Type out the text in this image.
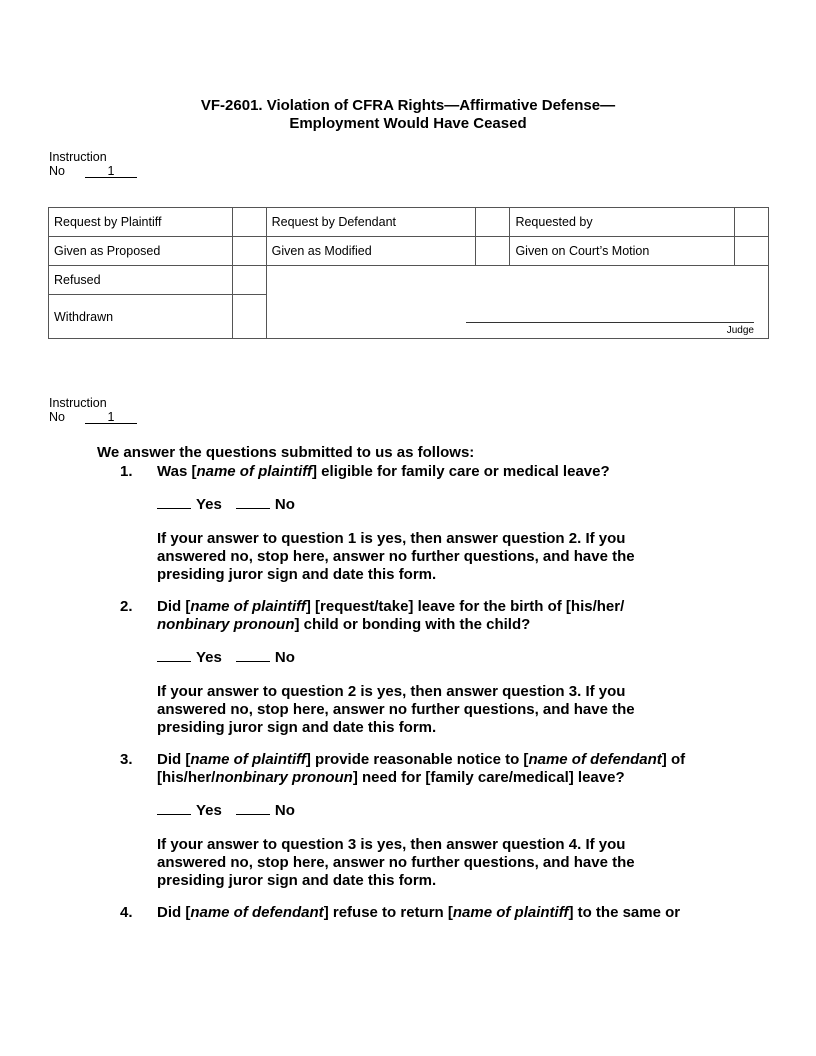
VF-2601. Violation of CFRA Rights—Affirmative Defense—
Employment Would Have Ceased
Instruction
No	1
Request by Plaintiff		Request by Defendant		Requested by	
Given as Proposed		Given as Modified		Given on Court’s Motion	
Refused		Judge			

Withdrawn					
Instruction
No	1
We answer the questions submitted to us as follows:
1. Was [name of plaintiff] eligible for family care or medical leave?

Yes	No
If your answer to question 1 is yes, then answer question 2. If you
answered no, stop here, answer no further questions, and have the
presiding juror sign and date this form.

2. Did [name of plaintiff] [request/take] leave for the birth of [his/her/
nonbinary pronoun] child or bonding with the child?

Yes	No
If your answer to question 2 is yes, then answer question 3. If you
answered no, stop here, answer no further questions, and have the
presiding juror sign and date this form.

3. Did [name of plaintiff] provide reasonable notice to [name of defendant] of
[his/her/nonbinary pronoun] need for [family care/medical] leave?

Yes	No
If your answer to question 3 is yes, then answer question 4. If you
answered no, stop here, answer no further questions, and have the
presiding juror sign and date this form.

4. Did [name of defendant] refuse to return [name of plaintiff] to the same or
